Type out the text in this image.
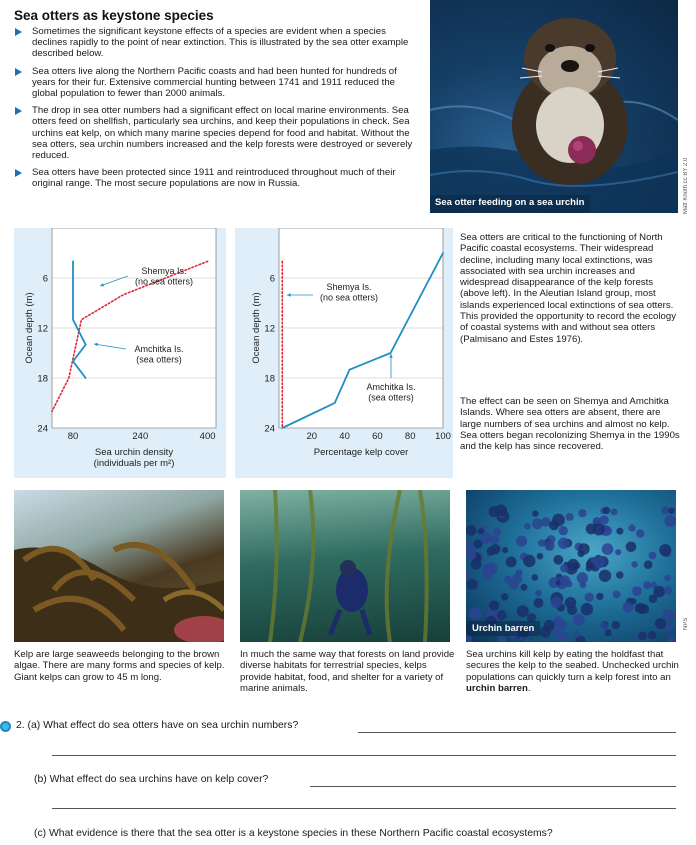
Sea otters as keystone species
Sometimes the significant keystone effects of a species are evident when a species declines rapidly to the point of near extinction. This is illustrated by the sea otter example described below.
Sea otters live along the Northern Pacific coasts and had been hunted for hundreds of years for their fur. Extensive commercial hunting between 1741 and 1911 reduced the global population to fewer than 2000 animals.
The drop in sea otter numbers had a significant effect on local marine environments. Sea otters feed on shellfish, particularly sea urchins, and keep their populations in check. Sea urchins eat kelp, on which many marine species depend for food and habitat. Without the sea otters, sea urchin numbers increased and the kelp forests were destroyed or severely reduced.
Sea otters have been protected since 1911 and reintroduced throughout much of their original range. The most secure populations are now in Russia.
Sea otter feeding on a sea urchin	Matt Knoth cc BY 2.0
6
12
18
24
80	240	400
Sea urchin density
(individuals per m²)
Ocean depth (m)
Shemya Is.
(no sea otters)
Amchitka Is.
(sea otters)
6
12
18
24
20 40 60 80 100
Percentage kelp cover
Ocean depth (m)
Shemya Is.
(no sea otters)
Amchitka Is.
(sea otters)
Sea otters are critical to the functioning of North Pacific coastal ecosystems. Their widespread decline, including many local extinctions, was associated with sea urchin increases and widespread disappearance of the kelp forests (above left). In the Aleutian Island group, most islands experienced local extinctions of sea otters. This provided the opportunity to record the ecology of coastal systems with and without sea otters (Palmisano and Estes 1976).
The effect can be seen on Shemya and Amchitka Islands. Where sea otters are absent, there are large numbers of sea urchins and almost no kelp. Sea otters began recolonizing Shemya in the 1990s and the kelp has since recovered.
Urchin barren	NPS
Kelp are large seaweeds belonging to the brown algae. There are many forms and species of kelp. Giant kelps can grow to 45 m long.
In much the same way that forests on land provide diverse habitats for terrestrial species, kelps provide habitat, food, and shelter for a variety of marine animals.
Sea urchins kill kelp by eating the holdfast that secures the kelp to the seabed. Unchecked urchin populations can quickly turn a kelp forest into an urchin barren.
2. (a) What effect do sea otters have on sea urchin numbers?
(b) What effect do sea urchins have on kelp cover?
(c) What evidence is there that the sea otter is a keystone species in these Northern Pacific coastal ecosystems?
